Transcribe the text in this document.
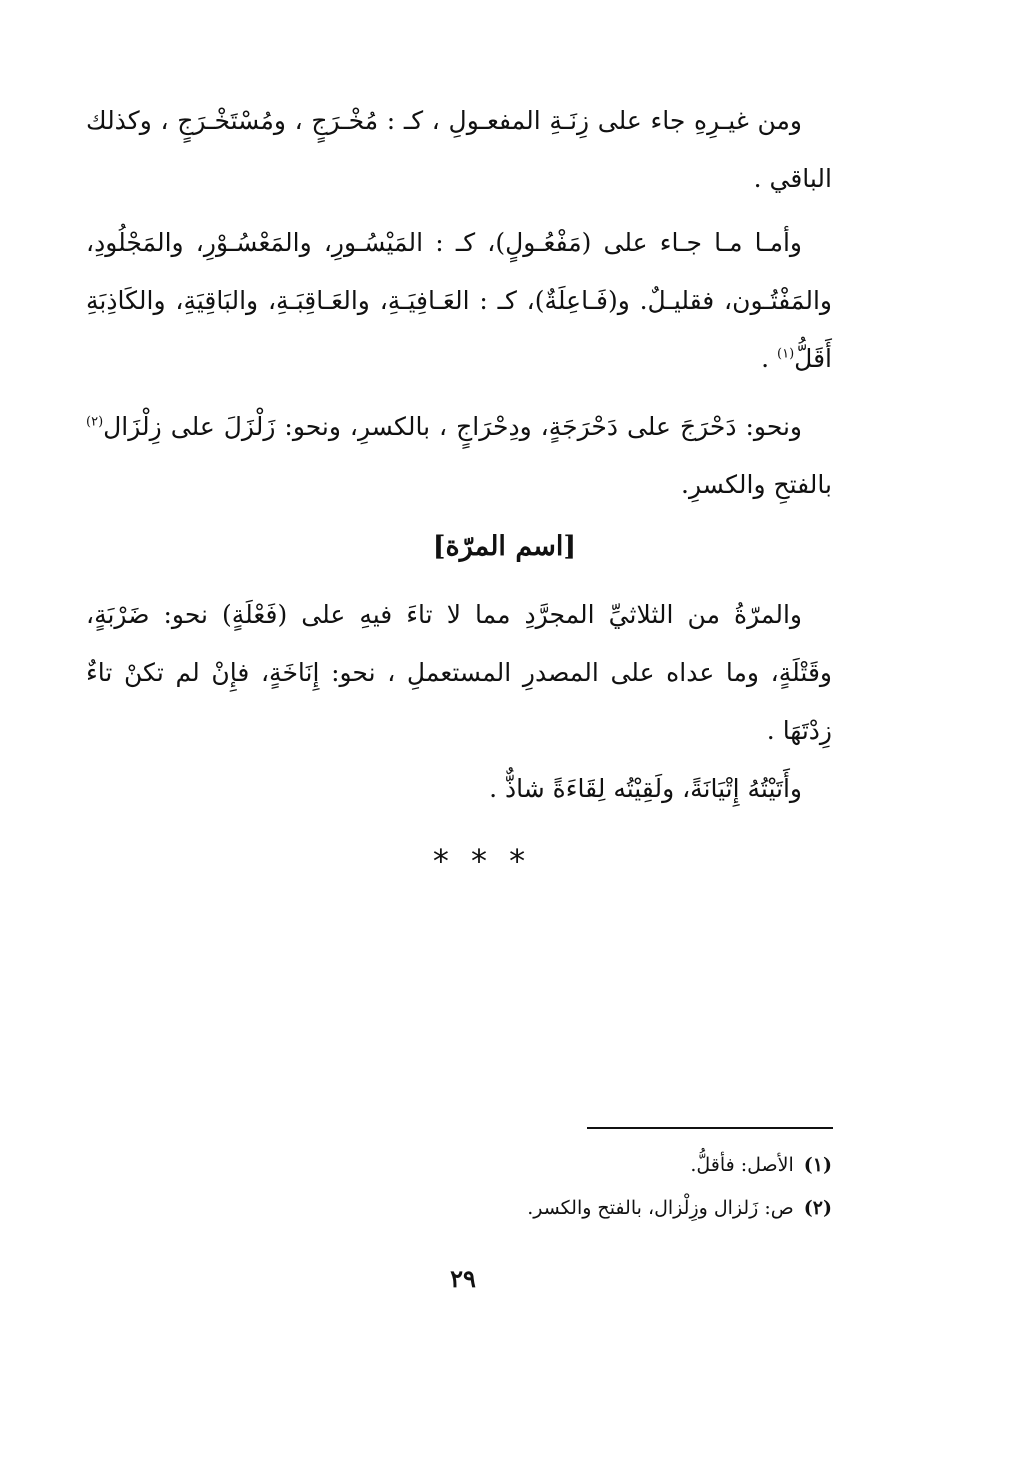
ومن غيـرِهِ جاء على زِنَـةِ المفعـولِ ، كـ : مُخْـرَجٍ ، ومُسْتَخْـرَجٍ ، وكذلك الباقي .

وأمـا مـا جـاء على (مَفْعُـولٍ)، كـ : المَيْسُـورِ، والمَعْسُـوْرِ، والمَجْلُودِ، والمَفْتُـون، فقليـلٌ. و(فَـاعِلَةٌ)، كـ : العَـافِيَـةِ، والعَـاقِبَـةِ، والبَاقِيَةِ، والكَاذِبَةِ أَقَلُّ$^{(١)}$ .

ونحو: دَحْرَجَ على دَحْرَجَةٍ، ودِحْرَاجٍ ، بالكسرِ، ونحو: زَلْزَلَ على زِلْزَال$^{(٢)}$ بالفتحِ والكسرِ.

[اسم المرّة]

والمرّةُ من الثلاثيِّ المجرَّدِ مما لا تاءَ فيهِ على (فَعْلَةٍ) نحو: ضَرْبَةٍ، وقَتْلَةٍ، وما عداه على المصدرِ المستعملِ ، نحو: إِنَاخَةٍ، فإِنْ لم تكنْ تاءٌ زِدْتَهَا .

وأَتَيْتُهُ إِتْيَانَةً، ولَقِيْتُه لِقَاءَةً شاذٌّ .

* * *
(١)الأصل: فأقلُّ.
(٢)ص: زَلزال وزِلْزال، بالفتح والكسر.
٢٩
